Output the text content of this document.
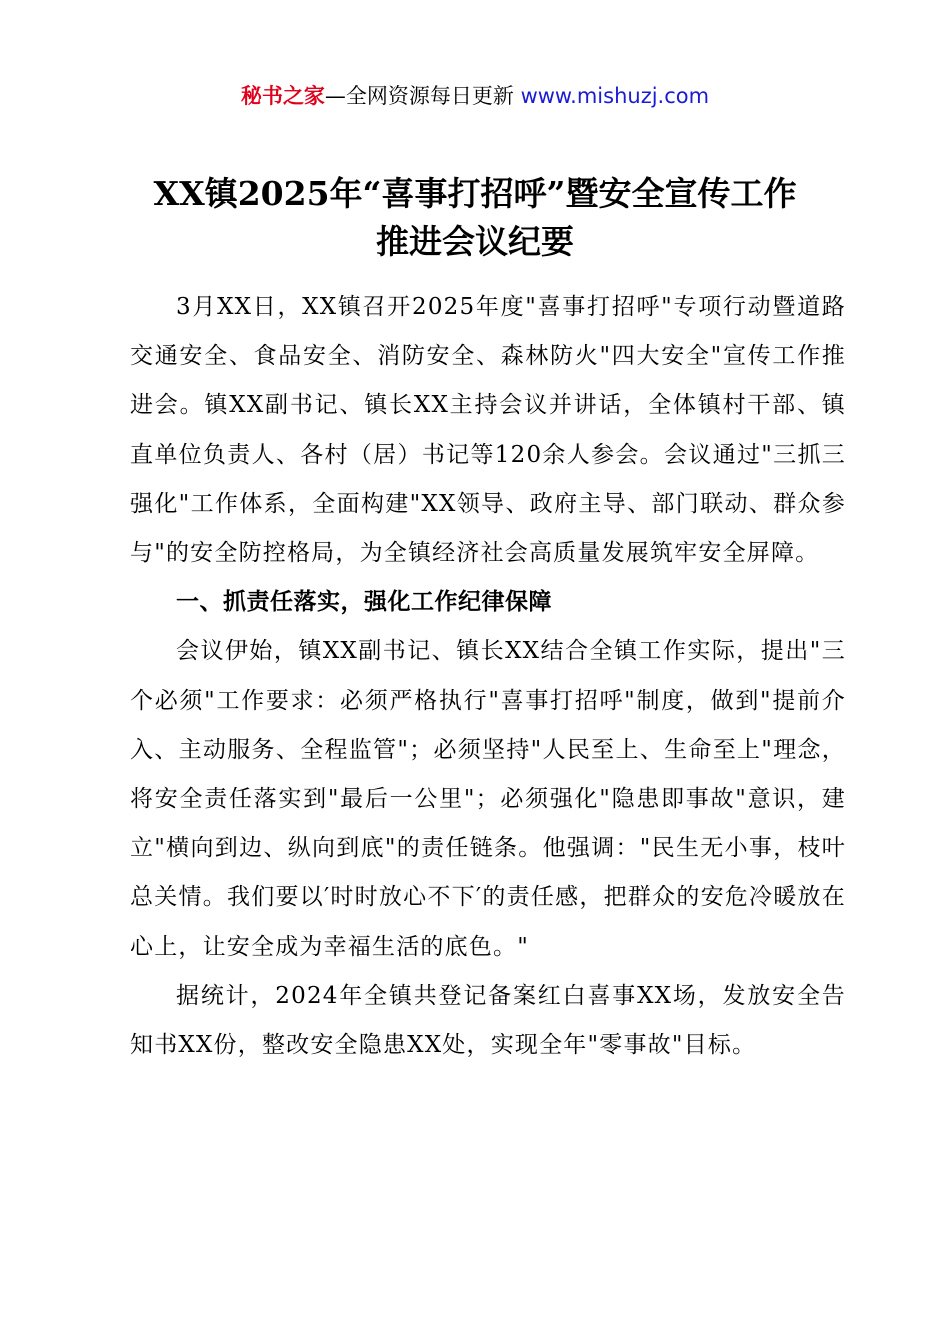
秘书之家—全网资源每日更新 www.mishuzj.com
XX镇2025年“喜事打招呼”暨安全宣传工作
推进会议纪要

3月XX日，XX镇召开2025年度"喜事打招呼"专项行动暨道路交通安全、食品安全、消防安全、森林防火"四大安全"宣传工作推进会。镇XX副书记、镇长XX主持会议并讲话，全体镇村干部、镇直单位负责人、各村（居）书记等120余人参会。会议通过"三抓三强化"工作体系，全面构建"XX领导、政府主导、部门联动、群众参与"的安全防控格局，为全镇经济社会高质量发展筑牢安全屏障。

一、抓责任落实，强化工作纪律保障

会议伊始，镇XX副书记、镇长XX结合全镇工作实际，提出"三个必须"工作要求：必须严格执行"喜事打招呼"制度，做到"提前介入、主动服务、全程监管"；必须坚持"人民至上、生命至上"理念，将安全责任落实到"最后一公里"；必须强化"隐患即事故"意识，建立"横向到边、纵向到底"的责任链条。他强调："民生无小事，枝叶总关情。我们要以′时时放心不下′的责任感，把群众的安危冷暖放在心上，让安全成为幸福生活的底色。"

据统计，2024年全镇共登记备案红白喜事XX场，发放安全告知书XX份，整改安全隐患XX处，实现全年"零事故"目标。
